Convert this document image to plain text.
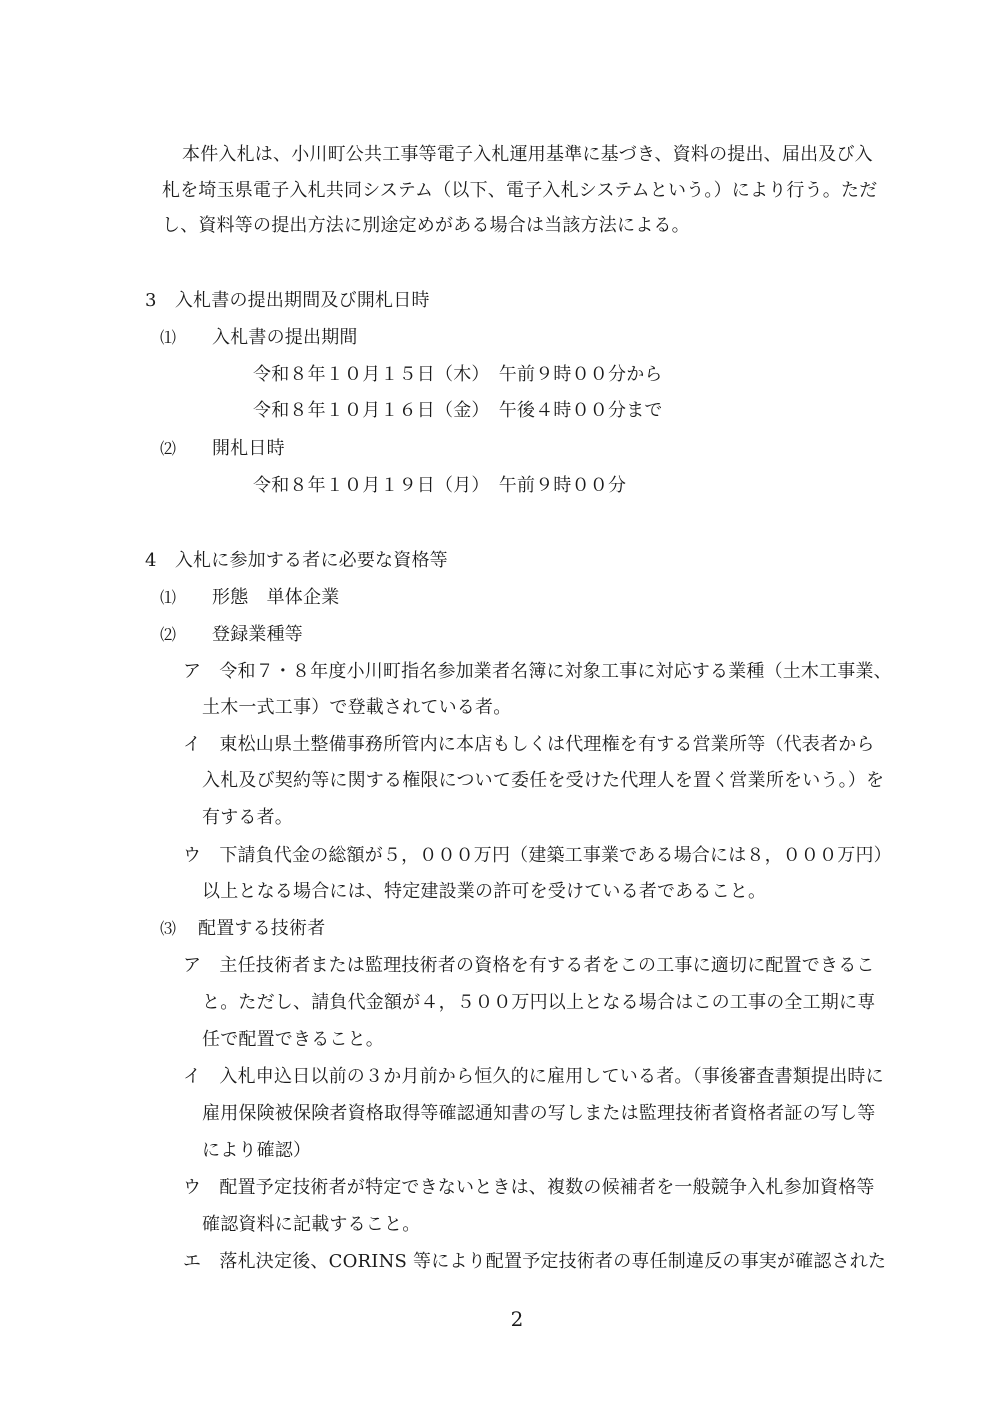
本件入札は、小川町公共工事等電子入札運用基準に基づき、資料の提出、届出及び入
札を埼玉県電子入札共同システム（以下、電子入札システムという。）により行う。ただ
し、資料等の提出方法に別途定めがある場合は当該方法による。
3　入札書の提出期間及び開札日時
⑴ 入札書の提出期間
令和８年１０月１５日（木）　午前９時００分から
令和８年１０月１６日（金）　午後４時００分まで
⑵ 開札日時
令和８年１０月１９日（月）　午前９時００分
4　入札に参加する者に必要な資格等
⑴ 形態　単体企業
⑵ 登録業種等
ア　令和７・８年度小川町指名参加業者名簿に対象工事に対応する業種（土木工事業、
土木一式工事）で登載されている者。
イ　東松山県土整備事務所管内に本店もしくは代理権を有する営業所等（代表者から
入札及び契約等に関する権限について委任を受けた代理人を置く営業所をいう。）を
有する者。
ウ　下請負代金の総額が５，０００万円（建築工事業である場合には８，０００万円）
以上となる場合には、特定建設業の許可を受けている者であること。
⑶ 配置する技術者
ア　主任技術者または監理技術者の資格を有する者をこの工事に適切に配置できるこ
と。ただし、請負代金額が４，５００万円以上となる場合はこの工事の全工期に専
任で配置できること。
イ　入札申込日以前の３か月前から恒久的に雇用している者。（事後審査書類提出時に
雇用保険被保険者資格取得等確認通知書の写しまたは監理技術者資格者証の写し等
により確認）
ウ　配置予定技術者が特定できないときは、複数の候補者を一般競争入札参加資格等
確認資料に記載すること。
エ　落札決定後、CORINS 等により配置予定技術者の専任制違反の事実が確認された
2
